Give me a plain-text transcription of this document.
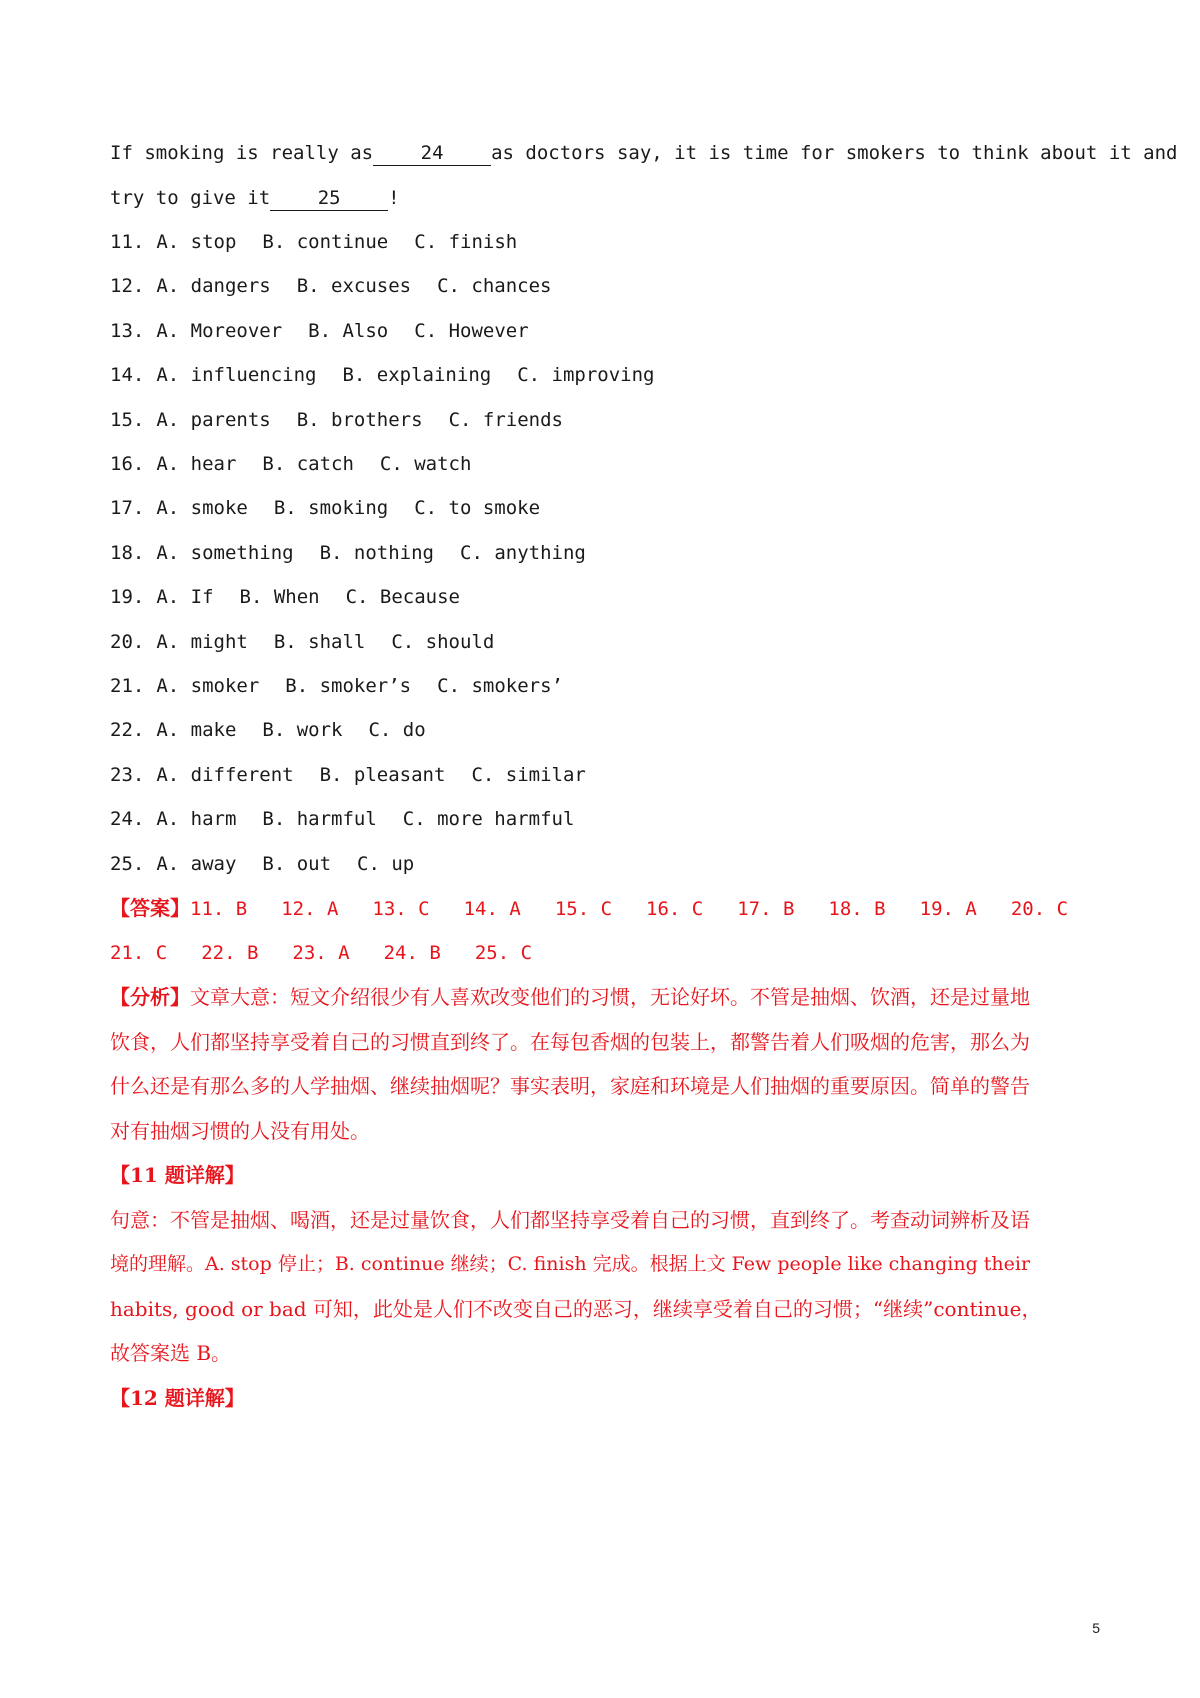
If smoking is really as	24	as doctors say, it is time for smokers to think about it and
try to give it	25	!
11. A. stop B. continue C. finish
12. A. dangers B. excuses C. chances
13. A. Moreover B. Also C. However
14. A. influencing B. explaining C. improving
15. A. parents B. brothers C. friends
16. A. hear B. catch C. watch
17. A. smoke B. smoking C. to smoke
18. A. something B. nothing C. anything
19. A. If B. When C. Because
20. A. might B. shall C. should
21. A. smoker B. smoker’s C. smokers’
22. A. make B. work C. do
23. A. different B. pleasant C. similar
24. A. harm B. harmful C. more harmful
25. A. away B. out C. up
【答案】11. B 12. A 13. C 14. A 15. C 16. C 17. B 18. B 19. A 20. C
21. C 22. B 23. A 24. B 25. C
【分析】文章大意：短文介绍很少有人喜欢改变他们的习惯，无论好坏。不管是抽烟、饮酒，还是过量地
饮食，人们都坚持享受着自己的习惯直到终了。在每包香烟的包装上，都警告着人们吸烟的危害，那么为
什么还是有那么多的人学抽烟、继续抽烟呢？事实表明，家庭和环境是人们抽烟的重要原因。简单的警告
对有抽烟习惯的人没有用处。
【11 题详解】
句意：不管是抽烟、喝酒，还是过量饮食，人们都坚持享受着自己的习惯，直到终了。考查动词辨析及语
境的理解。A. stop 停止；B. continue 继续；C. finish 完成。根据上文 Few people like changing their
habits, good or bad 可知，此处是人们不改变自己的恶习，继续享受着自己的习惯；“继续”continue，
故答案选 B。
【12 题详解】
5
